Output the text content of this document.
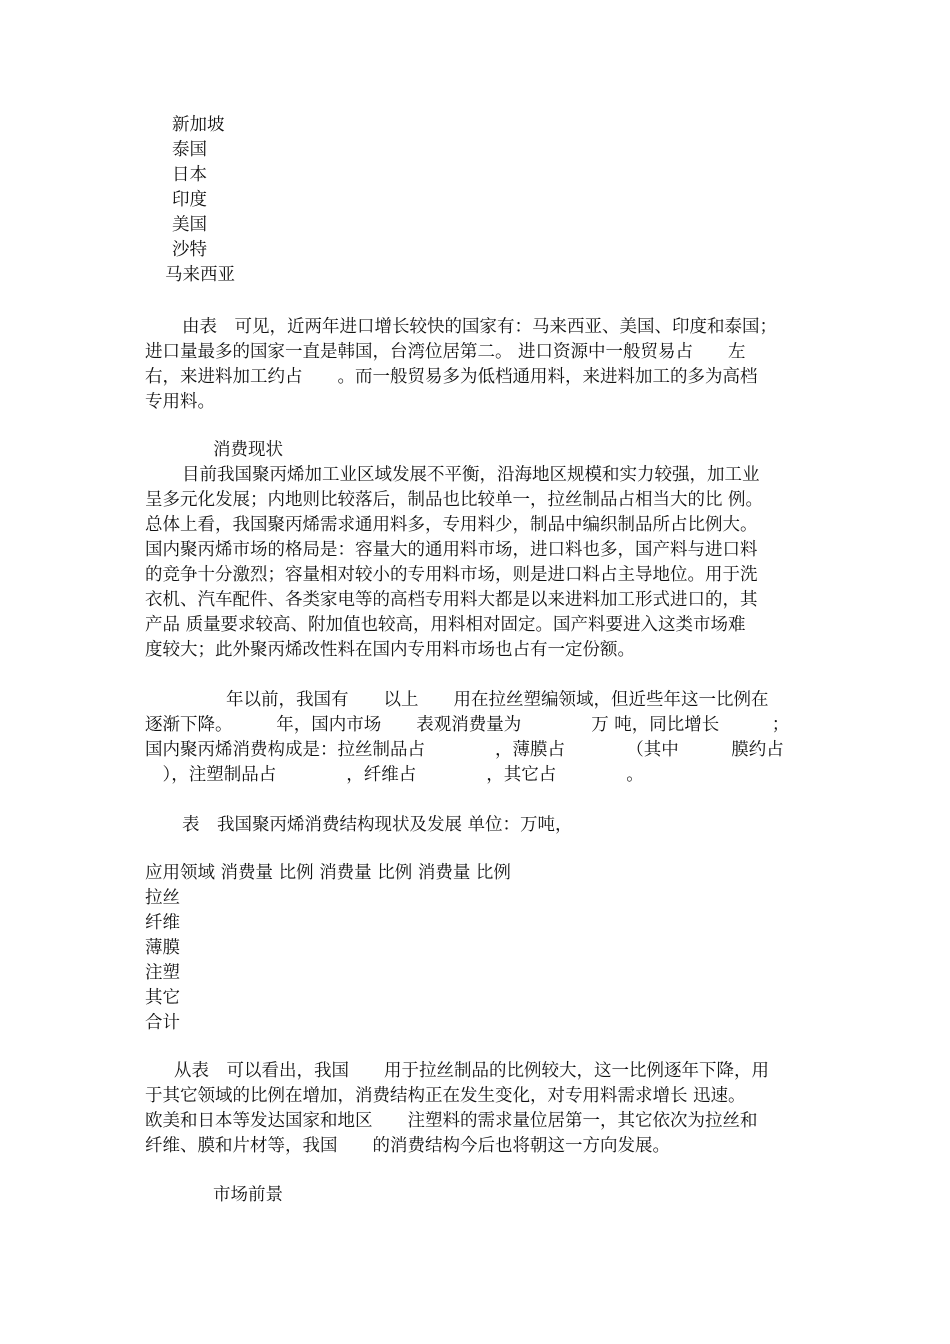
新加坡
泰国
日本
印度
美国
沙特
马来西亚
由表　可见，近两年进口增长较快的国家有：马来西亚、美国、印度和泰国；
进口量最多的国家一直是韩国，台湾位居第二。 进口资源中一般贸易占　　左
右，来进料加工约占　　。而一般贸易多为低档通用料，来进料加工的多为高档
专用料。
消费现状
目前我国聚丙烯加工业区域发展不平衡，沿海地区规模和实力较强，加工业
呈多元化发展；内地则比较落后，制品也比较单一，拉丝制品占相当大的比 例。
总体上看，我国聚丙烯需求通用料多，专用料少，制品中编织制品所占比例大。
国内聚丙烯市场的格局是：容量大的通用料市场，进口料也多，国产料与进口料
的竞争十分激烈；容量相对较小的专用料市场，则是进口料占主导地位。用于洗
衣机、汽车配件、各类家电等的高档专用料大都是以来进料加工形式进口的，其
产品 质量要求较高、附加值也较高，用料相对固定。国产料要进入这类市场难
度较大；此外聚丙烯改性料在国内专用料市场也占有一定份额。
年以前，我国有　　以上　　用在拉丝塑编领域，但近些年这一比例在
逐渐下降。　　　年，国内市场　　表观消费量为　　　　万 吨，同比增长　　　；
国内聚丙烯消费构成是：拉丝制品占　　　　，薄膜占　　　　（其中　　　膜约占
　），注塑制品占　　　　，纤维占　　　　，其它占　　　　。
表　我国聚丙烯消费结构现状及发展 单位：万吨，
应用领域 消费量 比例 消费量 比例 消费量 比例
拉丝
纤维
薄膜
注塑
其它
合计
从表　可以看出，我国　　用于拉丝制品的比例较大，这一比例逐年下降，用
于其它领域的比例在增加，消费结构正在发生变化，对专用料需求增长 迅速。
欧美和日本等发达国家和地区　　注塑料的需求量位居第一，其它依次为拉丝和
纤维、膜和片材等，我国　　的消费结构今后也将朝这一方向发展。
市场前景
